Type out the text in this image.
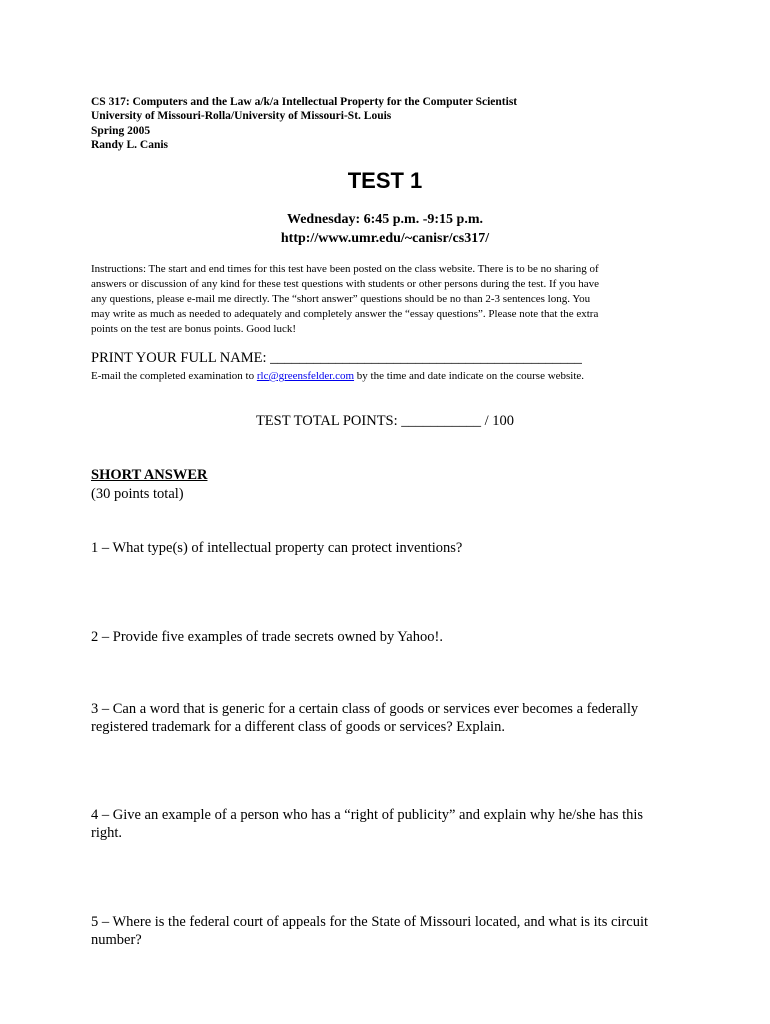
CS 317: Computers and the Law a/k/a Intellectual Property for the Computer Scientist
University of Missouri-Rolla/University of Missouri-St. Louis
Spring 2005
Randy L. Canis
TEST 1
Wednesday: 6:45 p.m. -9:15 p.m.
http://www.umr.edu/~canisr/cs317/
Instructions: The start and end times for this test have been posted on the class website. There is to be no sharing of
answers or discussion of any kind for these test questions with students or other persons during the test. If you have
any questions, please e-mail me directly. The “short answer” questions should be no than 2-3 sentences long. You
may write as much as needed to adequately and completely answer the “essay questions”. Please note that the extra
points on the test are bonus points. Good luck!
PRINT YOUR FULL NAME: ___________________________________________
E-mail the completed examination to rlc@greensfelder.com by the time and date indicate on the course website.
TEST TOTAL POINTS: ___________ / 100
SHORT ANSWER
(30 points total)
1 – What type(s) of intellectual property can protect inventions?
2 – Provide five examples of trade secrets owned by Yahoo!.
3 – Can a word that is generic for a certain class of goods or services ever becomes a federally
registered trademark for a different class of goods or services? Explain.
4 – Give an example of a person who has a “right of publicity” and explain why he/she has this
right.
5 – Where is the federal court of appeals for the State of Missouri located, and what is its circuit
number?
